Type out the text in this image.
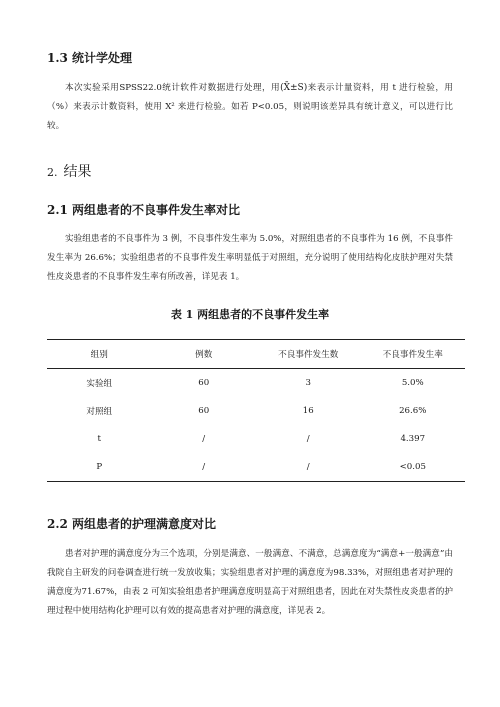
1.3 统计学处理
本次实验采用SPSS22.0统计软件对数据进行处理，用(X̄±S)来表示计量资料，用 t 进行检验，用（%）来表示计数资料，使用 X² 来进行检验。如若 P<0.05，则说明该差异具有统计意义，可以进行比较。
2. 结果
2.1 两组患者的不良事件发生率对比
实验组患者的不良事件为 3 例，不良事件发生率为 5.0%，对照组患者的不良事件为 16 例，不良事件发生率为 26.6%；实验组患者的不良事件发生率明显低于对照组，充分说明了使用结构化皮肤护理对失禁性皮炎患者的不良事件发生率有所改善，详见表 1。
表 1 两组患者的不良事件发生率
组别	例数	不良事件发生数	不良事件发生率
实验组	60	3	5.0%
对照组	60	16	26.6%
t	/	/	4.397
P	/	/	<0.05
2.2 两组患者的护理满意度对比
患者对护理的满意度分为三个选项，分别是满意、一般满意、不满意，总满意度为“满意+一般满意”由我院自主研发的问卷调查进行统一发放收集；实验组患者对护理的满意度为98.33%，对照组患者对护理的满意度为71.67%，由表 2 可知实验组患者护理满意度明显高于对照组患者，因此在对失禁性皮炎患者的护理过程中使用结构化护理可以有效的提高患者对护理的满意度，详见表 2。
